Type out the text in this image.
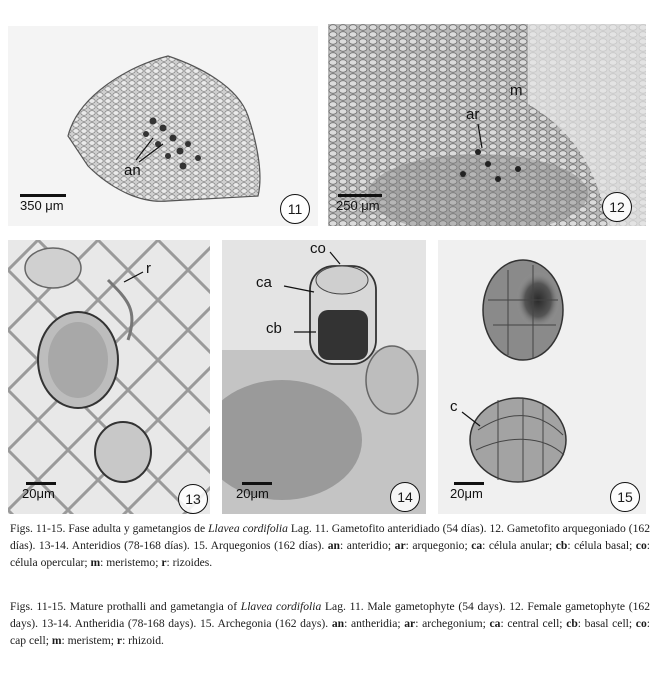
an
350 μm	11
ar
m
250 μm	12
r
20μm	13
co
ca
cb
20μm	14
c
20μm	15
Figs. 11-15. Fase adulta y gametangios de Llavea cordifolia Lag. 11. Gametofito anteridiado (54 días). 12. Gametofito arquegoniado (162 días). 13-14. Anteridios (78-168 días). 15. Arquegonios (162 días). an: anteridio; ar: arquegonio; ca: célula anular; cb: célula basal; co: célula opercular; m: meristemo; r: rizoides.
Figs. 11-15. Mature prothalli and gametangia of Llavea cordifolia Lag. 11. Male gametophyte (54 days). 12. Female gametophyte (162 days). 13-14. Antheridia (78-168 days). 15. Archegonia (162 days). an: antheridia; ar: archegonium; ca: central cell; cb: basal cell; co: cap cell; m: meristem; r: rhizoid.
